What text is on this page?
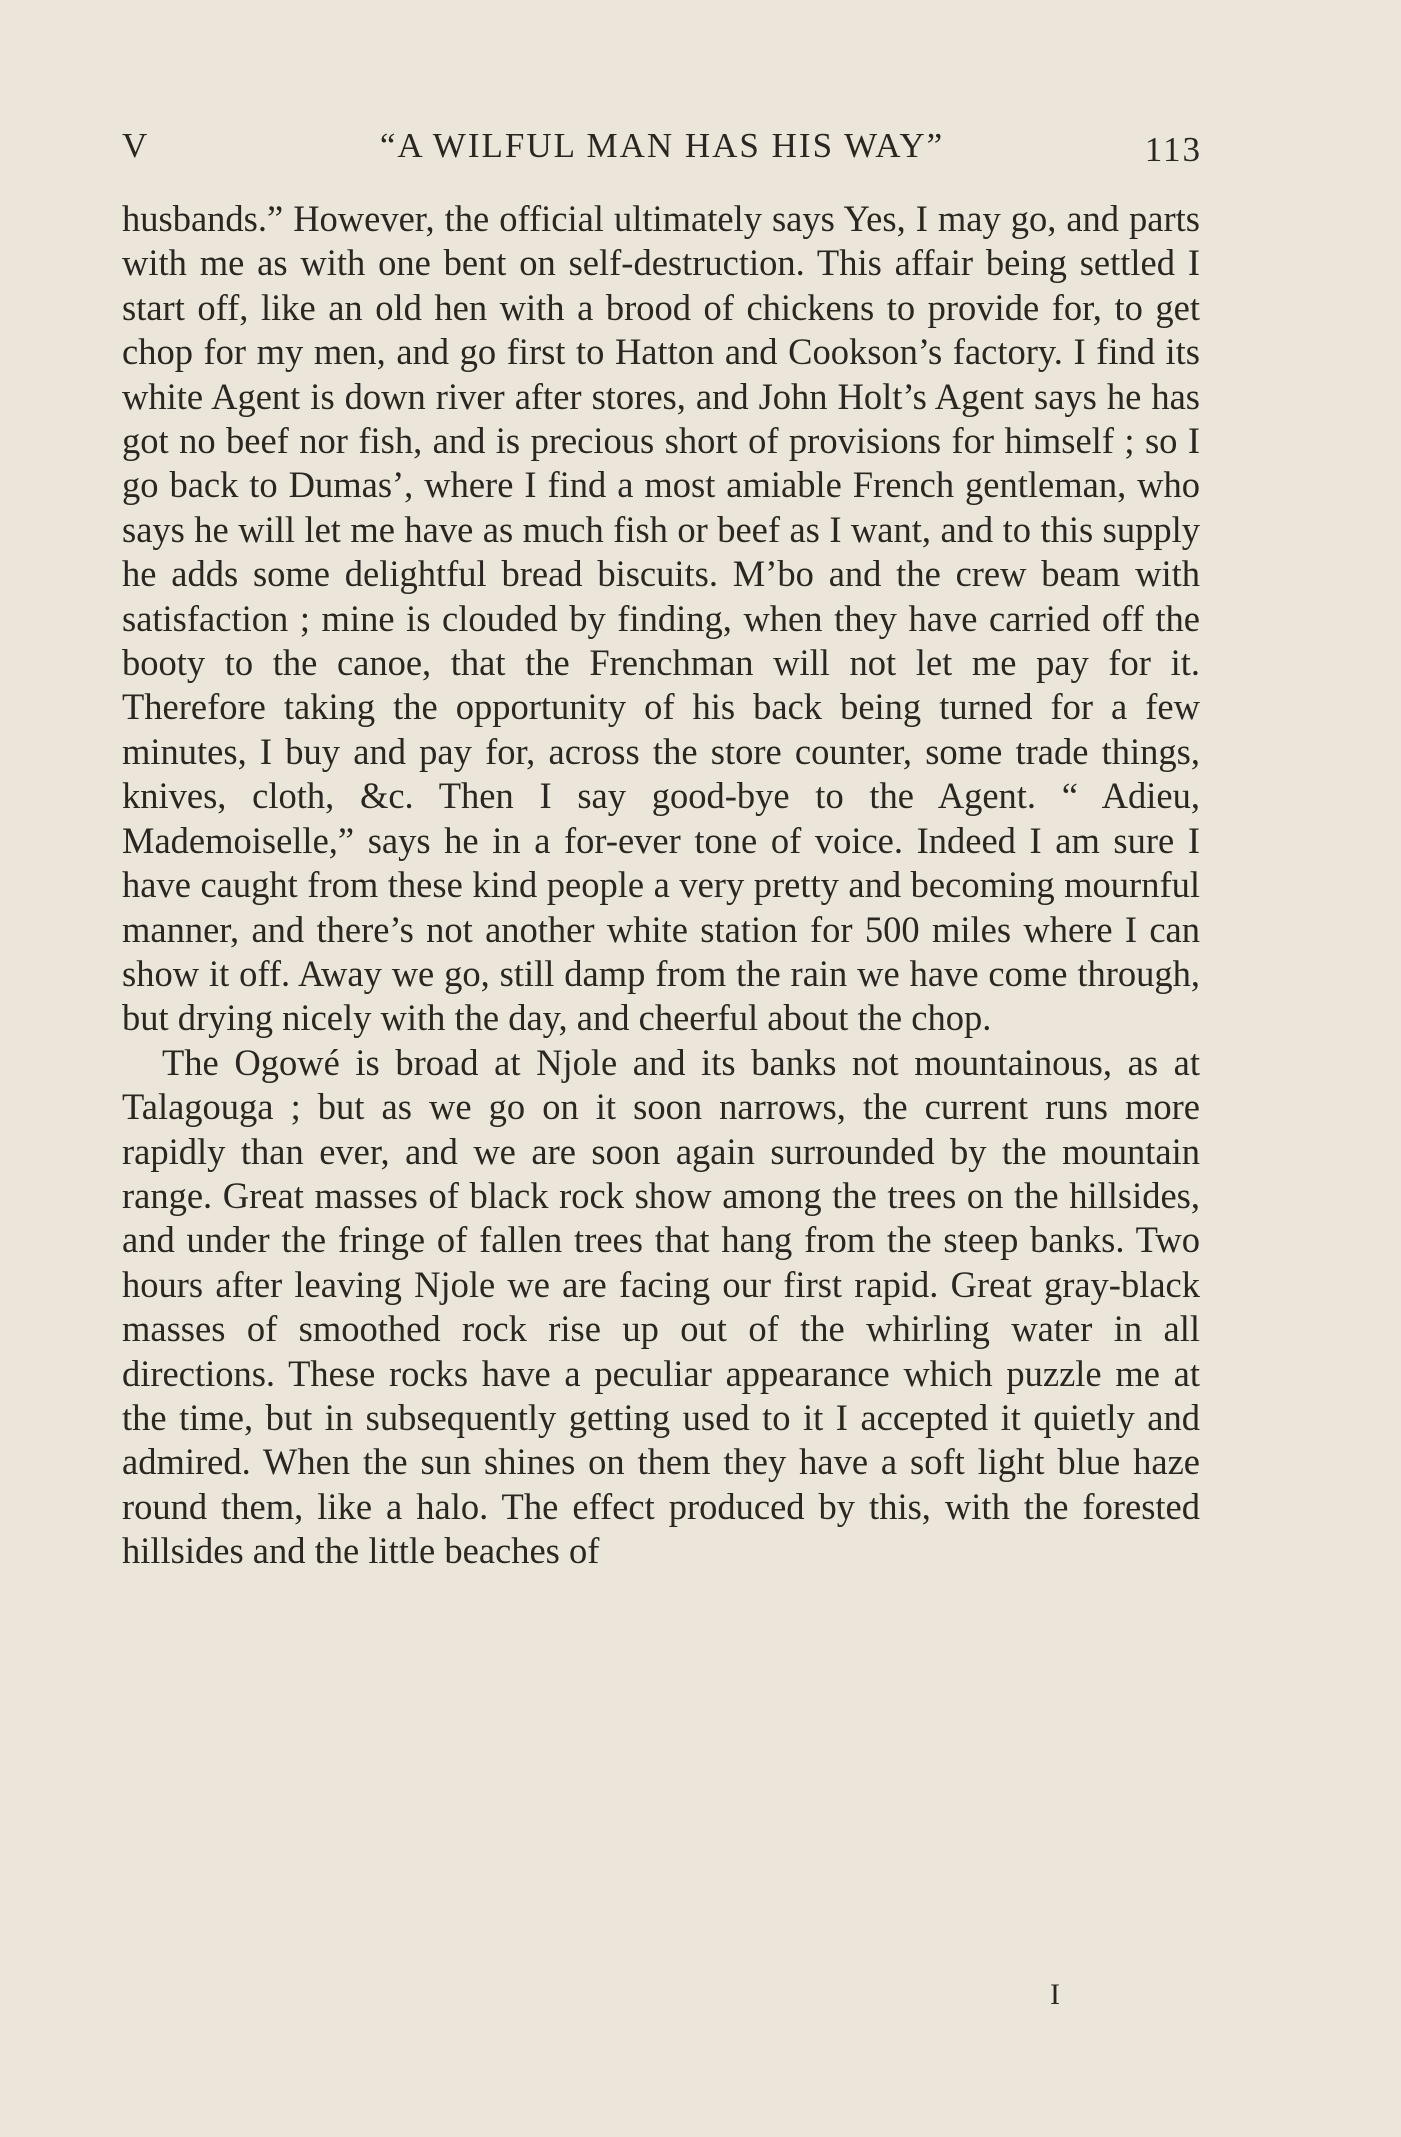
V	“A WILFUL MAN HAS HIS WAY”	113

husbands.” However, the official ultimately says Yes, I may go, and parts with me as with one bent on self-destruction. This affair being settled I start off, like an old hen with a brood of chickens to provide for, to get chop for my men, and go first to Hatton and Cookson’s factory. I find its white Agent is down river after stores, and John Holt’s Agent says he has got no beef nor fish, and is precious short of provisions for himself ; so I go back to Dumas’, where I find a most amiable French gentleman, who says he will let me have as much fish or beef as I want, and to this supply he adds some delightful bread biscuits. M’bo and the crew beam with satisfaction ; mine is clouded by finding, when they have carried off the booty to the canoe, that the Frenchman will not let me pay for it. Therefore taking the opportunity of his back being turned for a few minutes, I buy and pay for, across the store counter, some trade things, knives, cloth, &c. Then I say good-bye to the Agent. “ Adieu, Mademoiselle,” says he in a for-ever tone of voice. Indeed I am sure I have caught from these kind people a very pretty and becoming mournful manner, and there’s not another white station for 500 miles where I can show it off. Away we go, still damp from the rain we have come through, but drying nicely with the day, and cheerful about the chop.

The Ogowé is broad at Njole and its banks not mountainous, as at Talagouga ; but as we go on it soon narrows, the current runs more rapidly than ever, and we are soon again surrounded by the mountain range. Great masses of black rock show among the trees on the hillsides, and under the fringe of fallen trees that hang from the steep banks. Two hours after leaving Njole we are facing our first rapid. Great gray-black masses of smoothed rock rise up out of the whirling water in all directions. These rocks have a peculiar appearance which puzzle me at the time, but in subsequently getting used to it I accepted it quietly and admired. When the sun shines on them they have a soft light blue haze round them, like a halo. The effect produced by this, with the forested hillsides and the little beaches of

I
